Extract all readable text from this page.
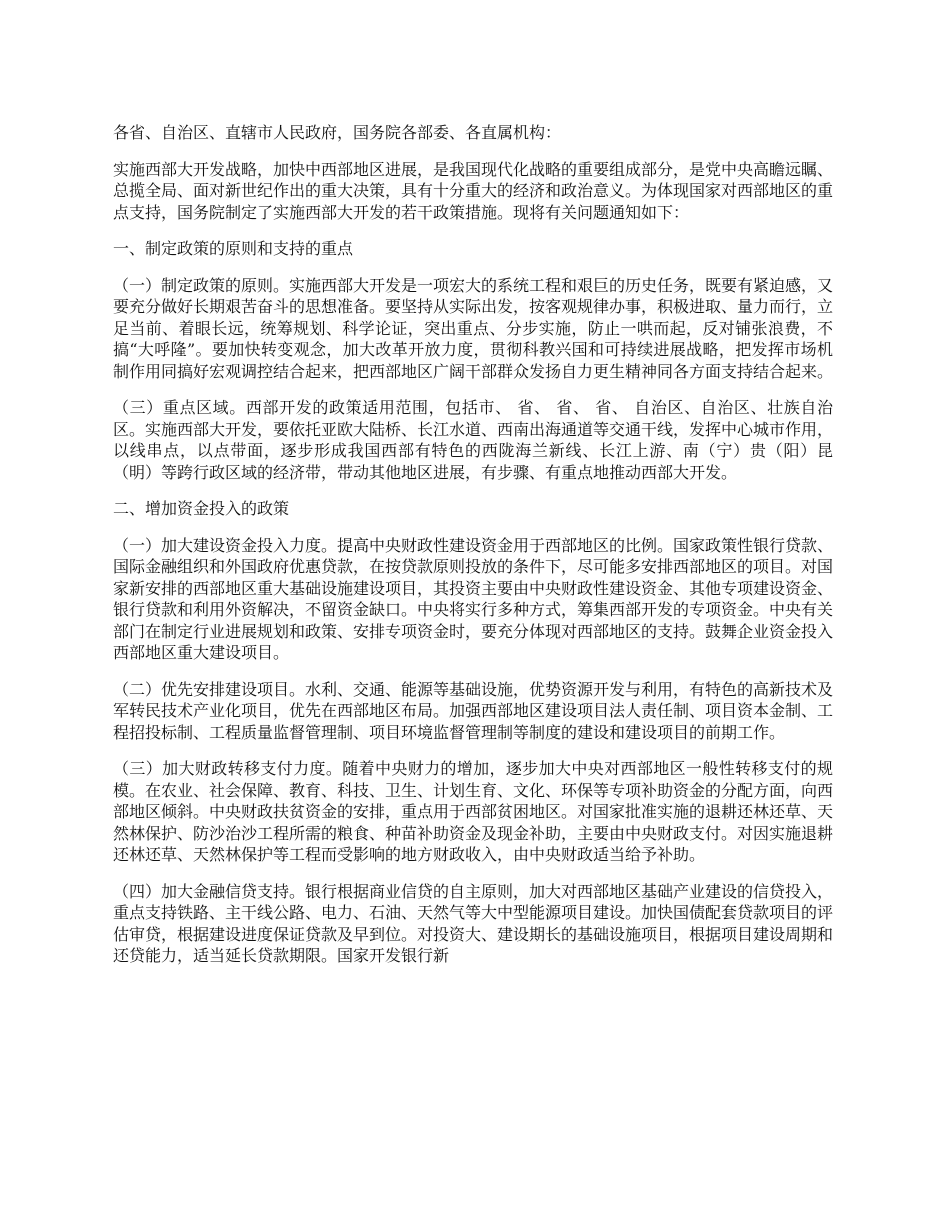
各省、自治区、直辖市人民政府，国务院各部委、各直属机构：

实施西部大开发战略，加快中西部地区进展，是我国现代化战略的重要组成部分，是党中央高瞻远瞩、总揽全局、面对新世纪作出的重大决策，具有十分重大的经济和政治意义。为体现国家对西部地区的重点支持，国务院制定了实施西部大开发的若干政策措施。现将有关问题通知如下：

一、制定政策的原则和支持的重点

（一）制定政策的原则。实施西部大开发是一项宏大的系统工程和艰巨的历史任务，既要有紧迫感，又要充分做好长期艰苦奋斗的思想准备。要坚持从实际出发，按客观规律办事，积极进取、量力而行，立足当前、着眼长远，统筹规划、科学论证，突出重点、分步实施，防止一哄而起，反对铺张浪费，不搞“大呼隆”。要加快转变观念，加大改革开放力度，贯彻科教兴国和可持续进展战略，把发挥市场机制作用同搞好宏观调控结合起来，把西部地区广阔干部群众发扬自力更生精神同各方面支持结合起来。

（三）重点区域。西部开发的政策适用范围，包括市、 省、 省、 省、 自治区、自治区、壮族自治区。实施西部大开发，要依托亚欧大陆桥、长江水道、西南出海通道等交通干线，发挥中心城市作用，以线串点，以点带面，逐步形成我国西部有特色的西陇海兰新线、长江上游、南（宁）贵（阳）昆（明）等跨行政区域的经济带，带动其他地区进展，有步骤、有重点地推动西部大开发。

二、增加资金投入的政策

（一）加大建设资金投入力度。提高中央财政性建设资金用于西部地区的比例。国家政策性银行贷款、国际金融组织和外国政府优惠贷款，在按贷款原则投放的条件下，尽可能多安排西部地区的项目。对国家新安排的西部地区重大基础设施建设项目，其投资主要由中央财政性建设资金、其他专项建设资金、银行贷款和利用外资解决，不留资金缺口。中央将实行多种方式，筹集西部开发的专项资金。中央有关部门在制定行业进展规划和政策、安排专项资金时，要充分体现对西部地区的支持。鼓舞企业资金投入西部地区重大建设项目。

（二）优先安排建设项目。水利、交通、能源等基础设施，优势资源开发与利用，有特色的高新技术及军转民技术产业化项目，优先在西部地区布局。加强西部地区建设项目法人责任制、项目资本金制、工程招投标制、工程质量监督管理制、项目环境监督管理制等制度的建设和建设项目的前期工作。

（三）加大财政转移支付力度。随着中央财力的增加，逐步加大中央对西部地区一般性转移支付的规模。在农业、社会保障、教育、科技、卫生、计划生育、文化、环保等专项补助资金的分配方面，向西部地区倾斜。中央财政扶贫资金的安排，重点用于西部贫困地区。对国家批准实施的退耕还林还草、天然林保护、防沙治沙工程所需的粮食、种苗补助资金及现金补助，主要由中央财政支付。对因实施退耕还林还草、天然林保护等工程而受影响的地方财政收入，由中央财政适当给予补助。

（四）加大金融信贷支持。银行根据商业信贷的自主原则，加大对西部地区基础产业建设的信贷投入，重点支持铁路、主干线公路、电力、石油、天然气等大中型能源项目建设。加快国债配套贷款项目的评估审贷，根据建设进度保证贷款及早到位。对投资大、建设期长的基础设施项目，根据项目建设周期和还贷能力，适当延长贷款期限。国家开发银行新
